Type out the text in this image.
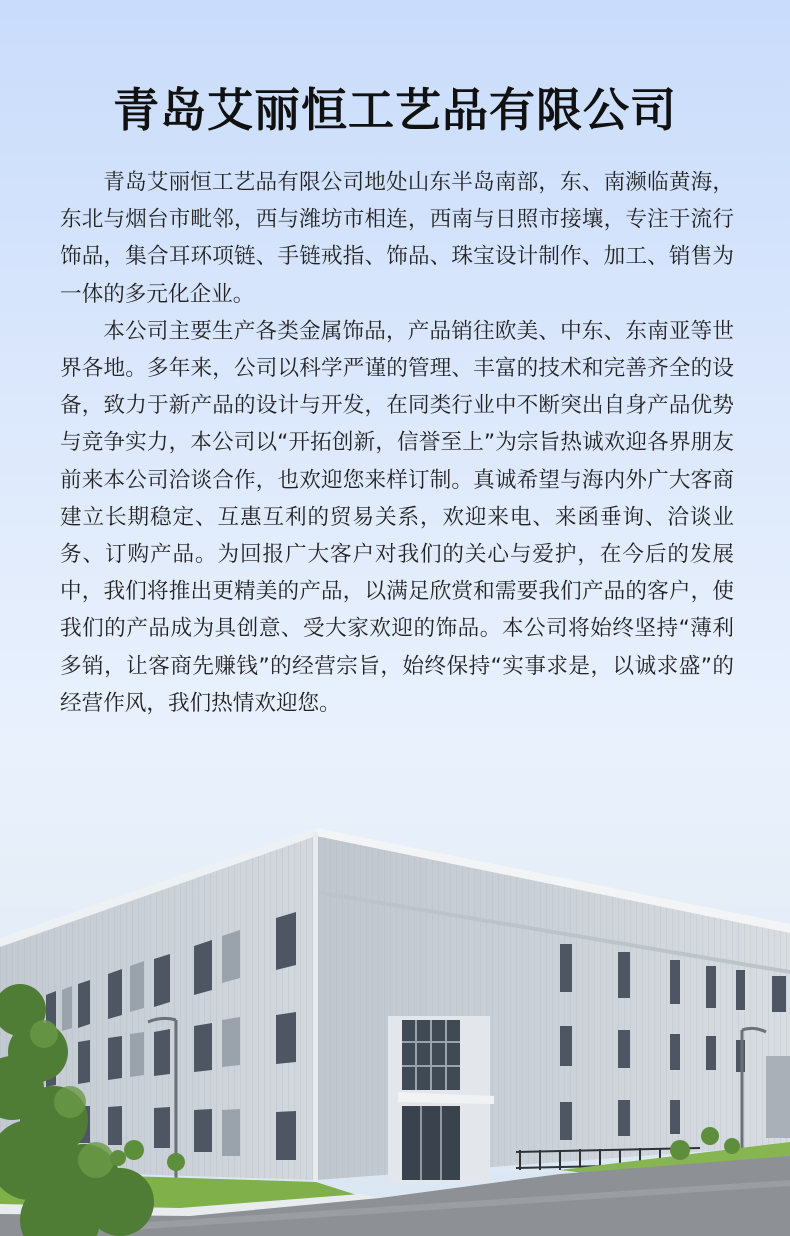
青岛艾丽恒工艺品有限公司

青岛艾丽恒工艺品有限公司地处山东半岛南部，东、南濒临黄海，东北与烟台市毗邻，西与潍坊市相连，西南与日照市接壤，专注于流行饰品，集合耳环项链、手链戒指、饰品、珠宝设计制作、加工、销售为一体的多元化企业。

本公司主要生产各类金属饰品，产品销往欧美、中东、东南亚等世界各地。多年来，公司以科学严谨的管理、丰富的技术和完善齐全的设备，致力于新产品的设计与开发，在同类行业中不断突出自身产品优势与竞争实力，本公司以“开拓创新，信誉至上”为宗旨热诚欢迎各界朋友前来本公司洽谈合作，也欢迎您来样订制。真诚希望与海内外广大客商建立长期稳定、互惠互利的贸易关系，欢迎来电、来函垂询、洽谈业务、订购产品。为回报广大客户对我们的关心与爱护，在今后的发展中，我们将推出更精美的产品，以满足欣赏和需要我们产品的客户，使我们的产品成为具创意、受大家欢迎的饰品。本公司将始终坚持“薄利多销，让客商先赚钱”的经营宗旨，始终保持“实事求是，以诚求盛”的经营作风，我们热情欢迎您。
